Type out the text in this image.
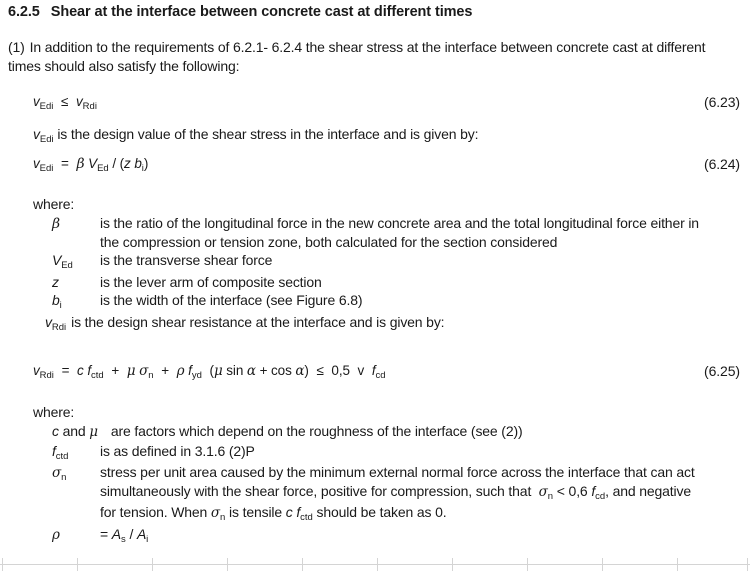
6.2.5 Shear at the interface between concrete cast at different times
(1) In addition to the requirements of 6.2.1- 6.2.4 the shear stress at the interface between concrete cast at different times should also satisfy the following:
$v_{Edi} \le v_{Rdi}$	(6.23)
$v_{Edi}$ is the design value of the shear stress in the interface and is given by:
$v_{Edi} = \beta$ $V_{Ed} / (z$ $b_i$)	(6.24)
where:
β	is the ratio of the longitudinal force in the new concrete area and the total longitudinal force either in the compression or tension zone, both calculated for the section considered
$V_{Ed}$	is the transverse shear force
z	is the lever arm of composite section
$b_i$	is the width of the interface (see Figure 6.8)
$v_{Rdi}$ is the design shear resistance at the interface and is given by:
$v_{Rdi} = c$ $f_{ctd} + \mu$ $\sigma_n + \rho$ $f_{yd}$ (μ sin α + cos α) ≤ 0,5 v $f_{cd}$	(6.25)
where:
c and μ are factors which depend on the roughness of the interface (see (2))
$f_{ctd}$	is as defined in 3.1.6 (2)P
$\sigma_n$	stress per unit area caused by the minimum external normal force across the interface that can act simultaneously with the shear force, positive for compression, such that  $\sigma_n < 0,6$ $f_{cd}$, and negative for tension. When $\sigma_n$ is tensile c $f_{ctd}$ should be taken as 0.
ρ	= $A_s / A_i$
